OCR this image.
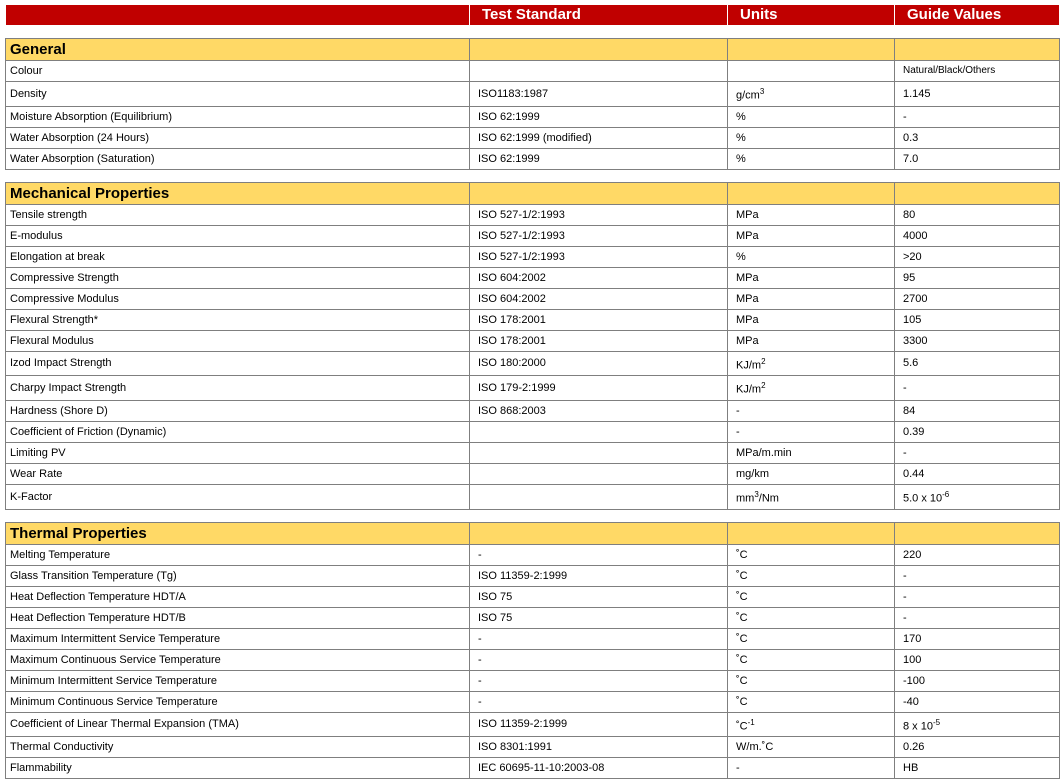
	Test Standard	Units	Guide Values

General			
Colour			Natural/Black/Others
Density	ISO1183:1987	$g/cm^3$	1.145
Moisture Absorption (Equilibrium)	ISO 62:1999	%	-
Water Absorption (24 Hours)	ISO 62:1999 (modified)	%	0.3
Water Absorption (Saturation)	ISO 62:1999	%	7.0

Mechanical Properties			
Tensile strength	ISO 527-1/2:1993	MPa	80
E-modulus	ISO 527-1/2:1993	MPa	4000
Elongation at break	ISO 527-1/2:1993	%	>20
Compressive Strength	ISO 604:2002	MPa	95
Compressive Modulus	ISO 604:2002	MPa	2700
Flexural Strength*	ISO 178:2001	MPa	105
Flexural Modulus	ISO 178:2001	MPa	3300
Izod Impact Strength	ISO 180:2000	$KJ/m^2$	5.6
Charpy Impact Strength	ISO 179-2:1999	$KJ/m^2$	-
Hardness (Shore D)	ISO 868:2003	-	84
Coefficient of Friction (Dynamic)		-	0.39
Limiting PV		MPa/m.min	-
Wear Rate		mg/km	0.44
K-Factor		$mm^3/Nm$	5.0 x $10^{-6}$

Thermal Properties			
Melting Temperature	-	˚C	220
Glass Transition Temperature (Tg)	ISO 11359-2:1999	˚C	-
Heat Deflection Temperature HDT/A	ISO 75	˚C	-
Heat Deflection Temperature HDT/B	ISO 75	˚C	-
Maximum Intermittent Service Temperature	-	˚C	170
Maximum Continuous Service Temperature	-	˚C	100
Minimum Intermittent Service Temperature	-	˚C	-100
Minimum Continuous Service Temperature	-	˚C	-40
Coefficient of Linear Thermal Expansion (TMA)	ISO 11359-2:1999	$˚C^{-1}$	8 x $10^{-5}$
Thermal Conductivity	ISO 8301:1991	W/m.˚C	0.26
Flammability	IEC 60695-11-10:2003-08	-	HB
